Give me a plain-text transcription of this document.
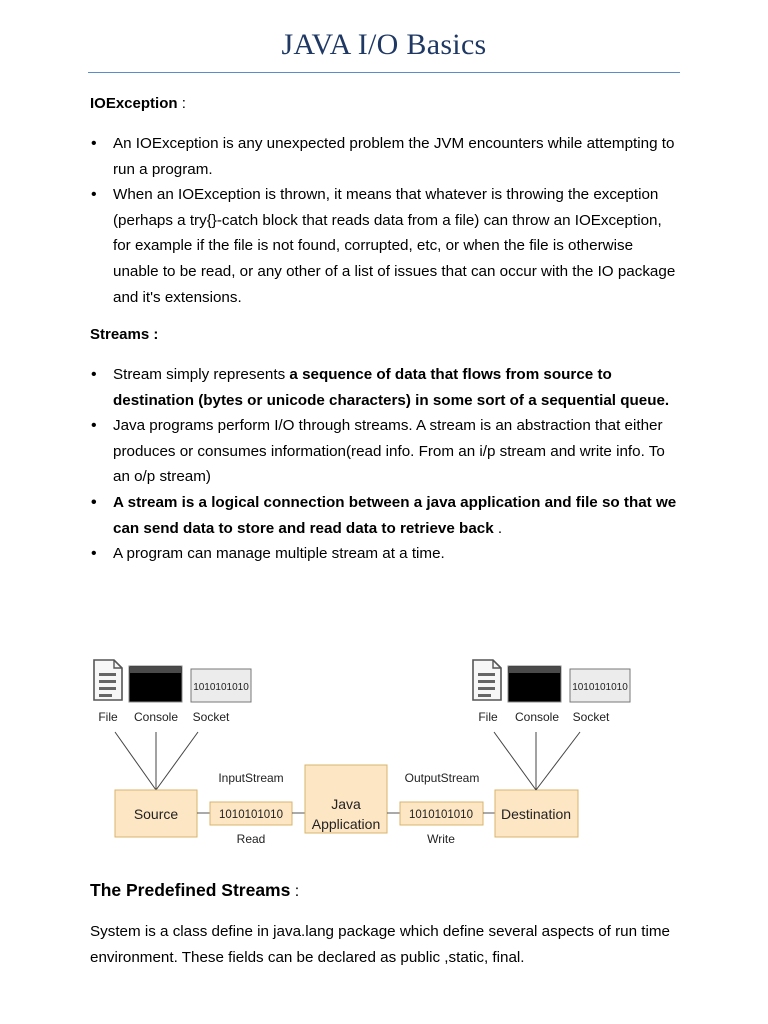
JAVA I/O Basics
IOException :
• An IOException is any unexpected problem the JVM encounters while attempting to run a program.
• When an IOException is thrown, it means that whatever is throwing the exception (perhaps a try{}-catch block that reads data from a file) can throw an IOException, for example if the file is not found, corrupted, etc, or when the file is otherwise unable to be read, or any other of a list of issues that can occur with the IO package and it's extensions.
Streams :
• Stream simply represents a sequence of data that flows from source to destination (bytes or unicode characters) in some sort of a sequential queue.
• Java programs perform I/O through streams. A stream is an abstraction that either produces or consumes information(read info. From an i/p stream and write info. To an o/p stream)
• A stream is a logical connection between a java application and file so that we can send data to store and read data to retrieve back .
• A program can manage multiple stream at a time.
1010101010
File Console Socket
Source
InputStream
1010101010
Read
Java
Application
OutputStream
1010101010
Write
Destination
1010101010
File Console Socket
The Predefined Streams :
System is a class define in java.lang package which define several aspects of run time environment. These fields can be declared as public ,static, final.
